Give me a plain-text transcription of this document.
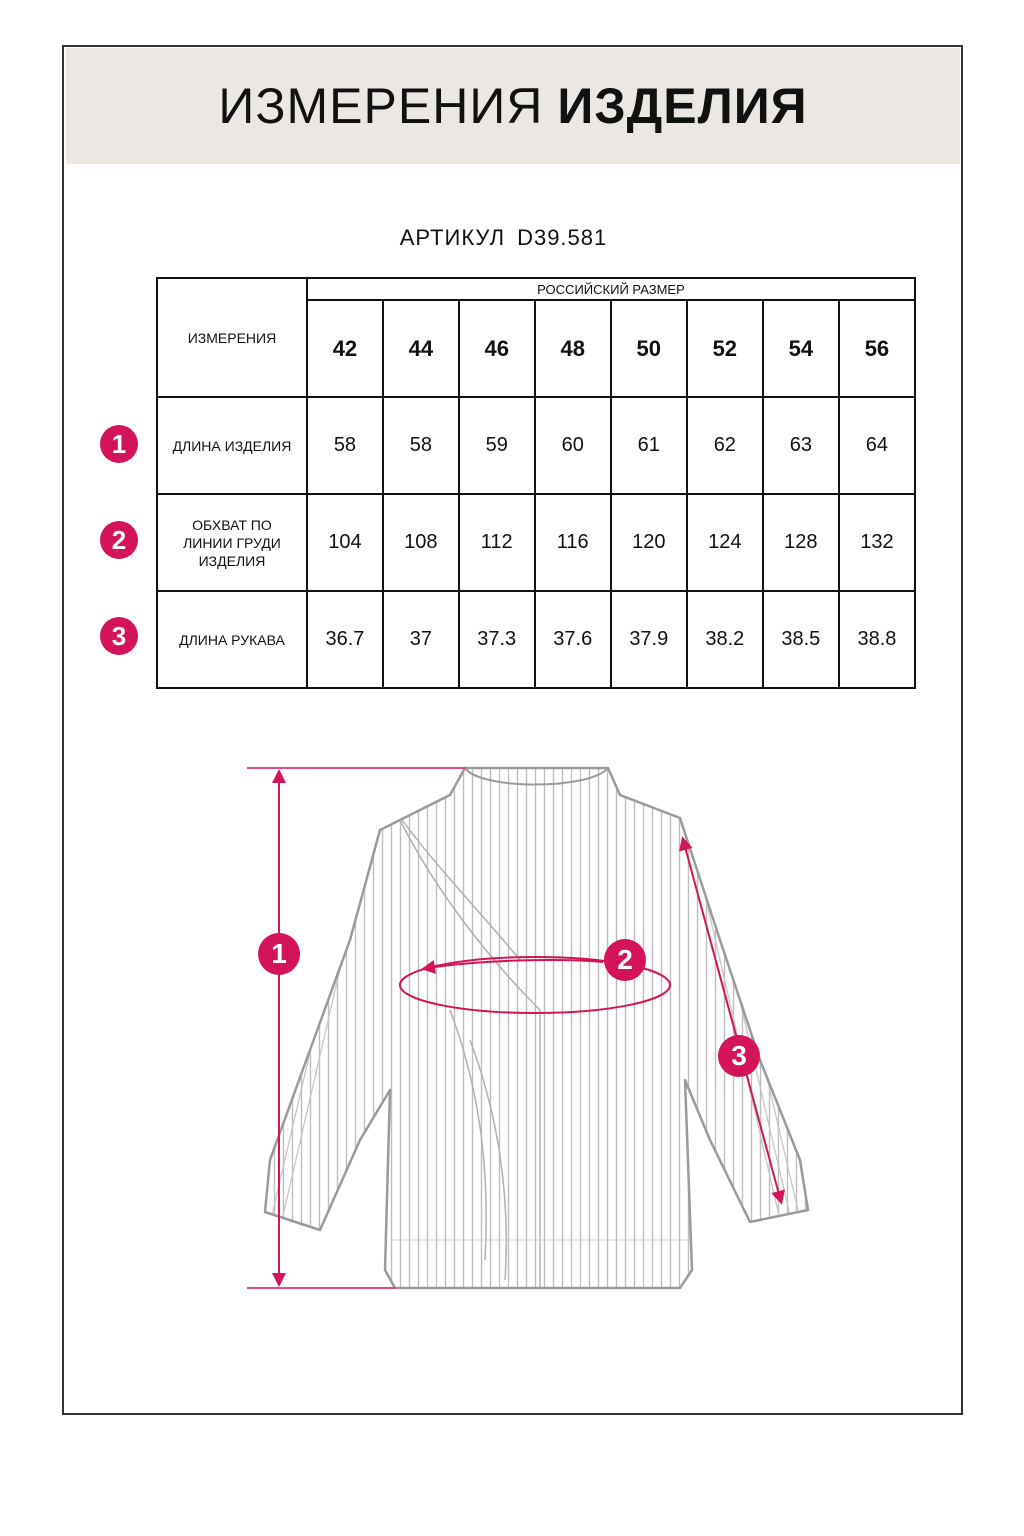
ИЗМЕРЕНИЯ ИЗДЕЛИЯ
АРТИКУЛ D39.581
ИЗМЕРЕНИЯ	РОССИЙСКИЙ РАЗМЕР							
	42	44	46	48	50	52	54	56
ДЛИНА ИЗДЕЛИЯ	58	58	59	60	61	62	63	64
ОБХВАТ ПО ЛИНИИ ГРУДИ ИЗДЕЛИЯ	104	108	112	116	120	124	128	132
ДЛИНА РУКАВА	36.7	37	37.3	37.6	37.9	38.2	38.5	38.8
1
2
3
1	2
3
